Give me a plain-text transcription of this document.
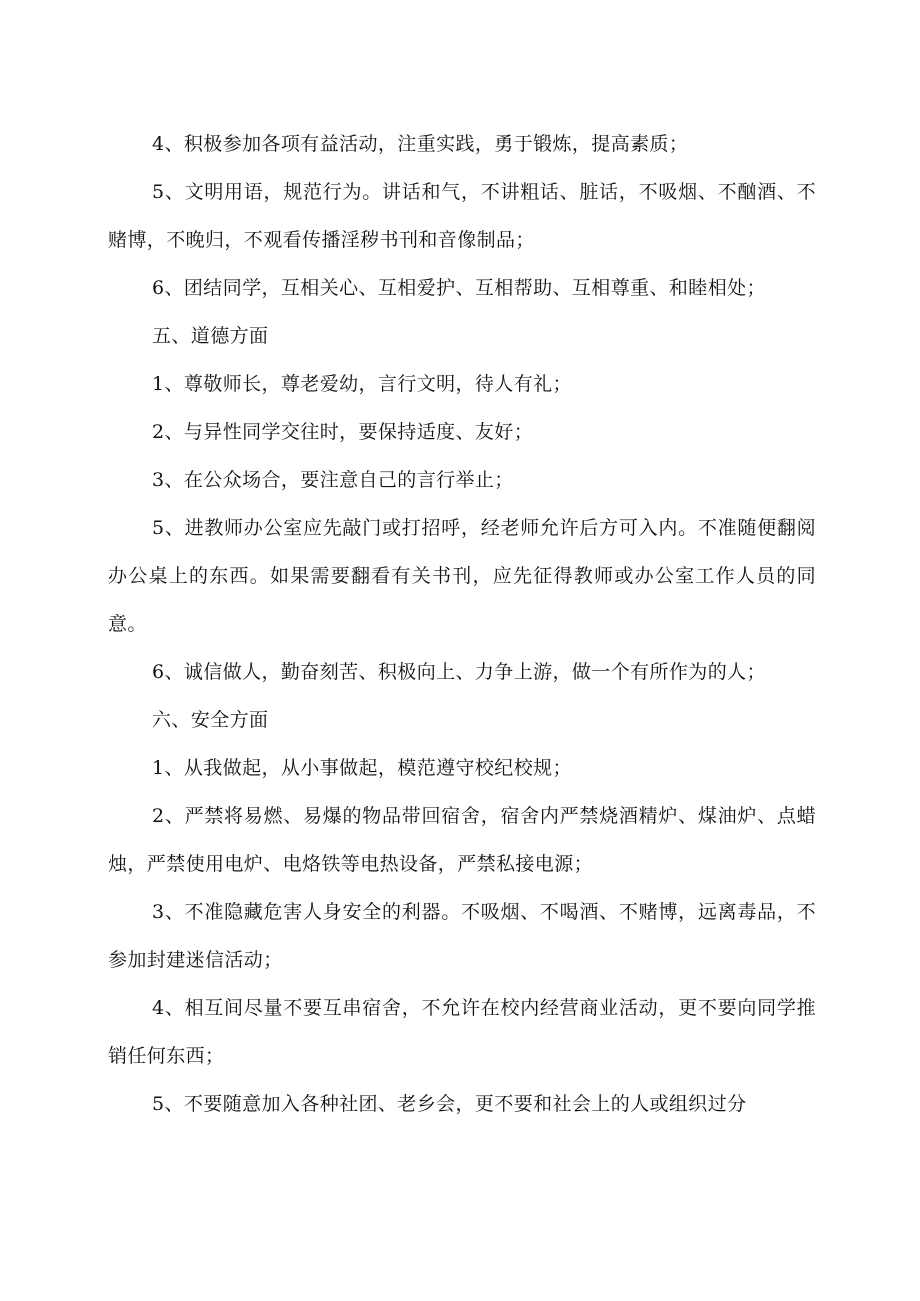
4、积极参加各项有益活动，注重实践，勇于锻炼，提高素质；

5、文明用语，规范行为。讲话和气，不讲粗话、脏话，不吸烟、不酗酒、不赌博，不晚归，不观看传播淫秽书刊和音像制品；

6、团结同学，互相关心、互相爱护、互相帮助、互相尊重、和睦相处；

五、道德方面

1、尊敬师长，尊老爱幼，言行文明，待人有礼；

2、与异性同学交往时，要保持适度、友好；

3、在公众场合，要注意自己的言行举止；

5、进教师办公室应先敲门或打招呼，经老师允许后方可入内。不准随便翻阅办公桌上的东西。如果需要翻看有关书刊，应先征得教师或办公室工作人员的同意。

6、诚信做人，勤奋刻苦、积极向上、力争上游，做一个有所作为的人；

六、安全方面

1、从我做起，从小事做起，模范遵守校纪校规；

2、严禁将易燃、易爆的物品带回宿舍，宿舍内严禁烧酒精炉、煤油炉、点蜡烛，严禁使用电炉、电烙铁等电热设备，严禁私接电源；

3、不准隐藏危害人身安全的利器。不吸烟、不喝酒、不赌博，远离毒品，不参加封建迷信活动；

4、相互间尽量不要互串宿舍，不允许在校内经营商业活动，更不要向同学推销任何东西；

5、不要随意加入各种社团、老乡会，更不要和社会上的人或组织过分
